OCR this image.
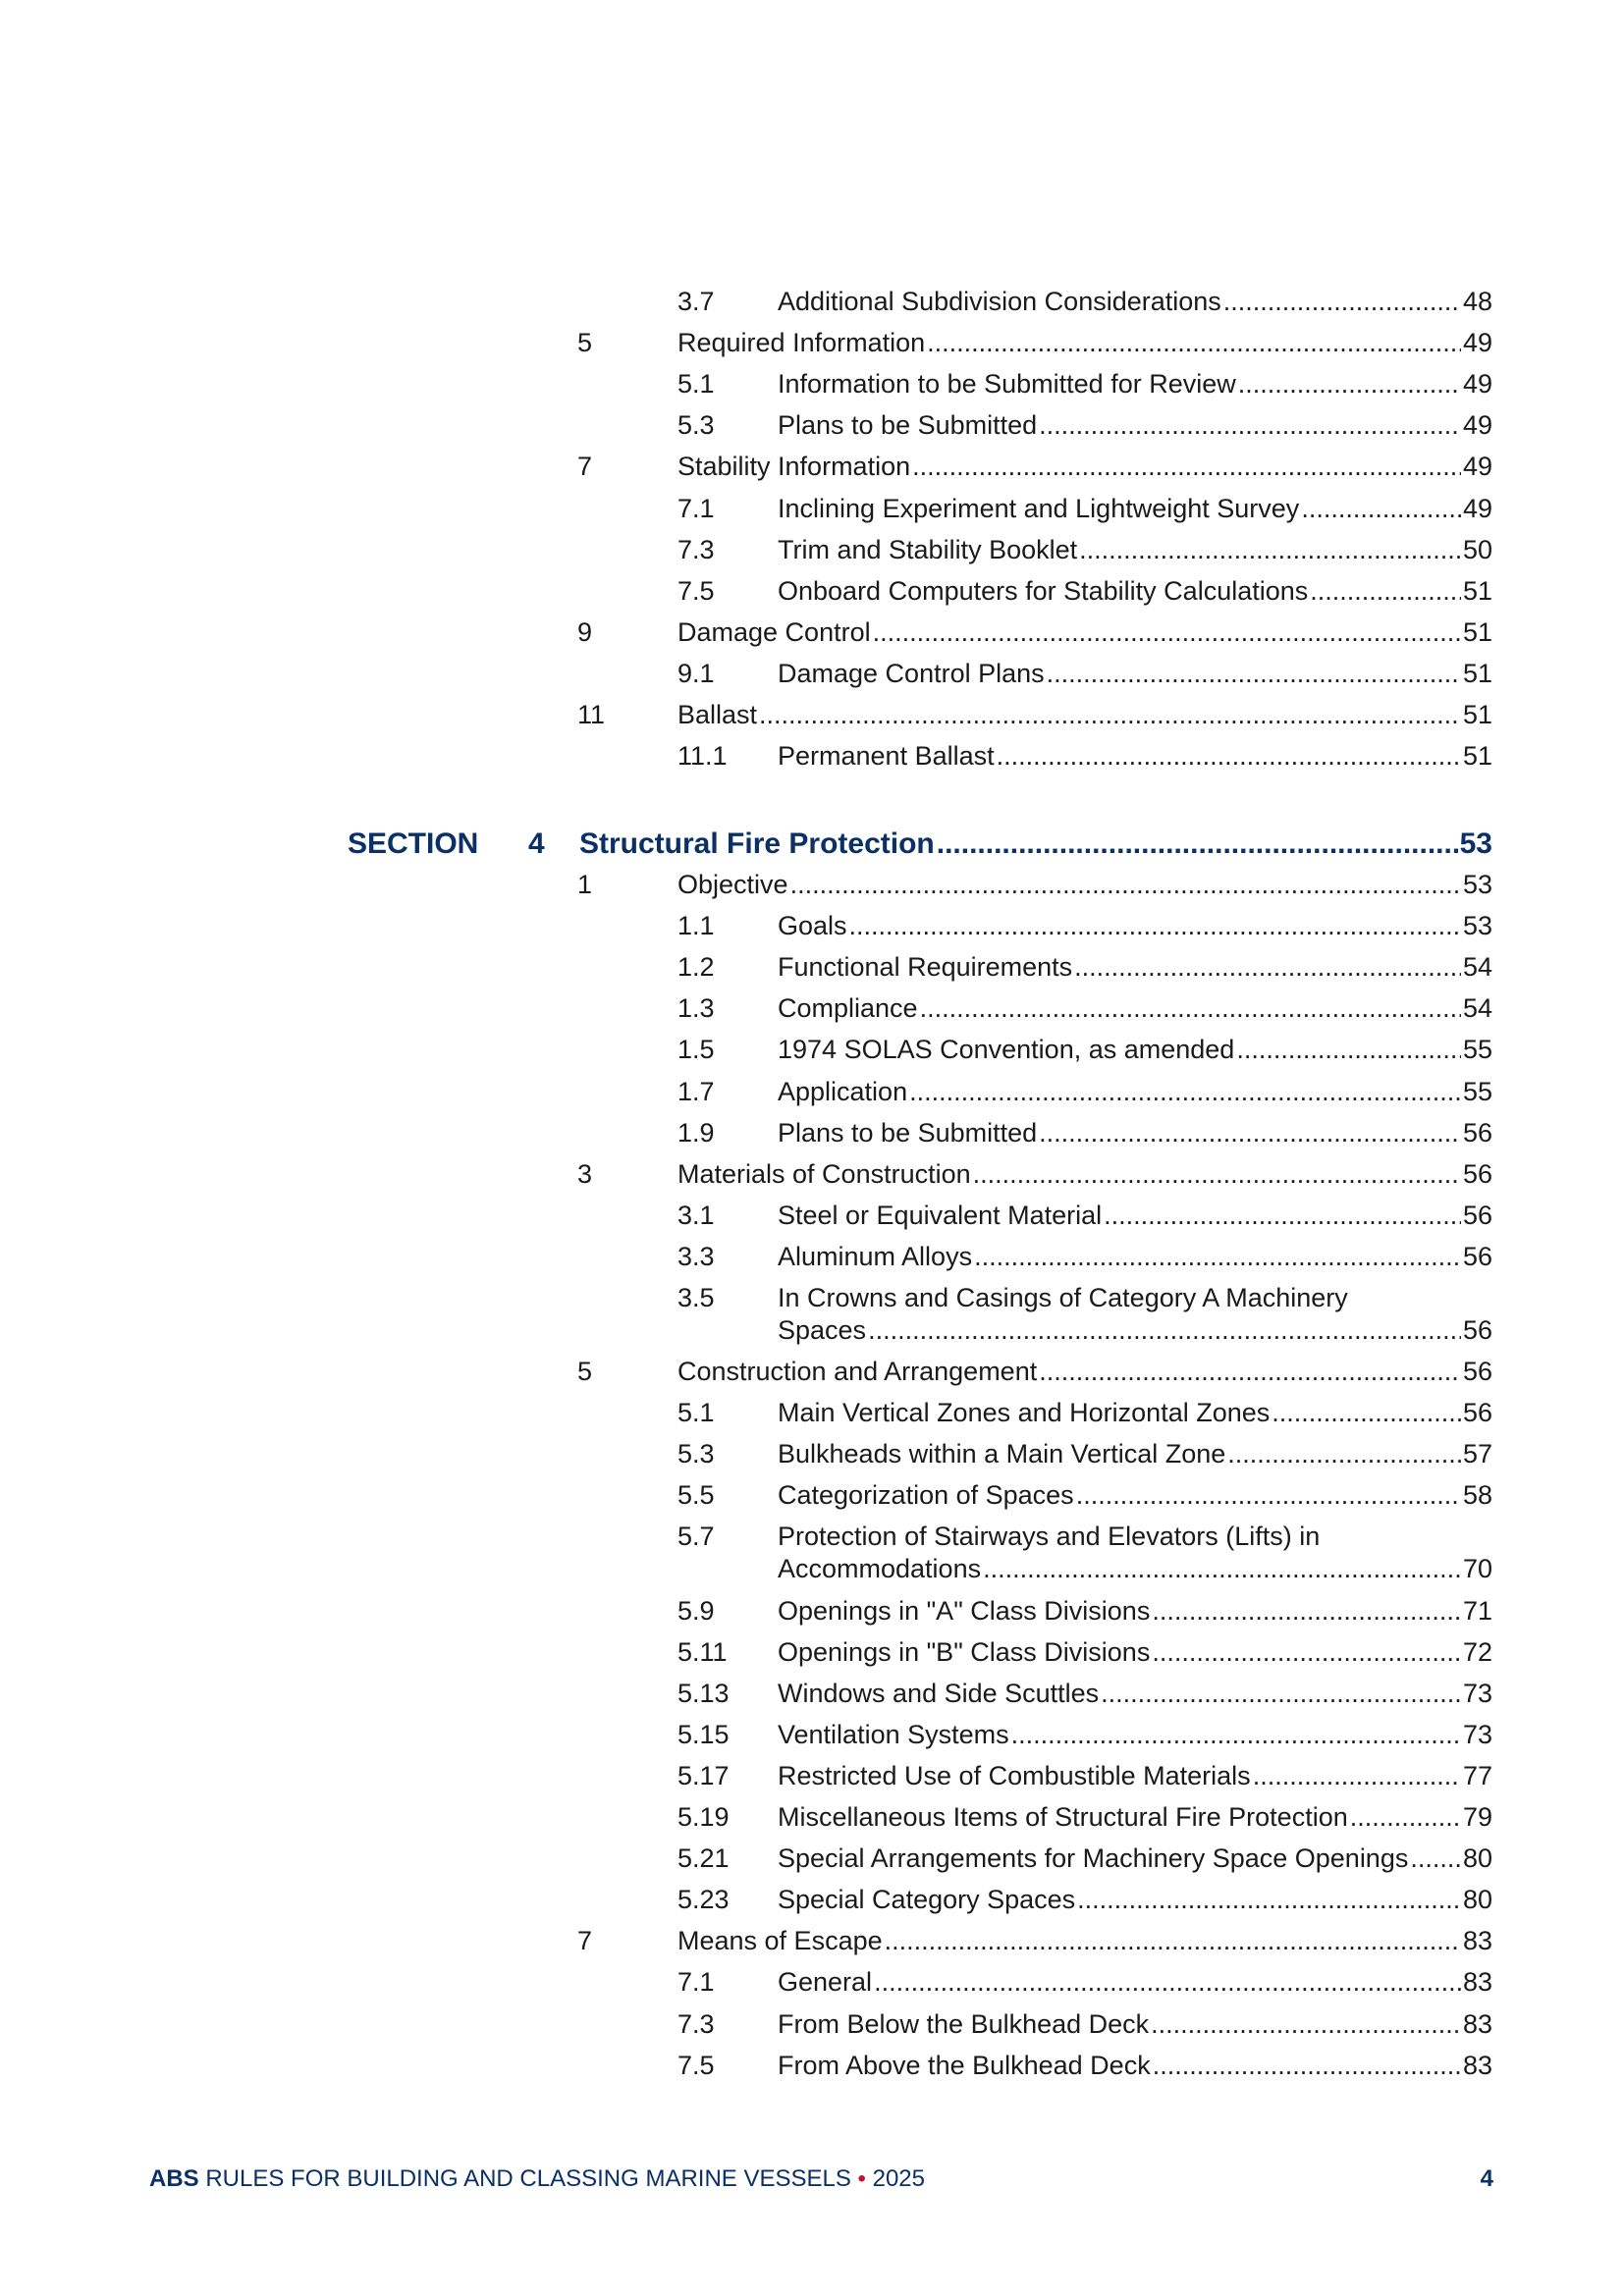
3.7 Additional Subdivision Considerations .....	48
5	Required Information .....	49
5.1 Information to be Submitted for Review .....	49
5.3 Plans to be Submitted .....	49
7	Stability Information .....	49
7.1 Inclining Experiment and Lightweight Survey .....	49
7.3 Trim and Stability Booklet .....	50
7.5 Onboard Computers for Stability Calculations .....	51
9	Damage Control .....	51
9.1 Damage Control Plans .....	51
11	Ballast .....	51
11.1 Permanent Ballast .....	51
SECTION 4 Structural Fire Protection .....	53
1	Objective .....	53
1.1 Goals .....	53
1.2 Functional Requirements .....	54
1.3 Compliance .....	54
1.5 1974 SOLAS Convention, as amended .....	55
1.7 Application .....	55
1.9 Plans to be Submitted .....	56
3	Materials of Construction .....	56
3.1 Steel or Equivalent Material .....	56
3.3 Aluminum Alloys .....	56
3.5 In Crowns and Casings of Category A Machinery
Spaces .....	56
5	Construction and Arrangement .....	56
5.1 Main Vertical Zones and Horizontal Zones .....	56
5.3 Bulkheads within a Main Vertical Zone .....	57
5.5 Categorization of Spaces .....	58
5.7 Protection of Stairways and Elevators (Lifts) in
Accommodations .....	70
5.9 Openings in "A" Class Divisions .....	71
5.11 Openings in "B" Class Divisions .....	72
5.13 Windows and Side Scuttles .....	73
5.15 Ventilation Systems .....	73
5.17 Restricted Use of Combustible Materials .....	77
5.19 Miscellaneous Items of Structural Fire Protection .....	79
5.21 Special Arrangements for Machinery Space Openings ..... 80
5.23 Special Category Spaces .....	80
7	Means of Escape .....	83
7.1 General .....	83
7.3 From Below the Bulkhead Deck .....	83
7.5 From Above the Bulkhead Deck .....	83
ABS RULES FOR BUILDING AND CLASSING MARINE VESSELS • 2025	4
